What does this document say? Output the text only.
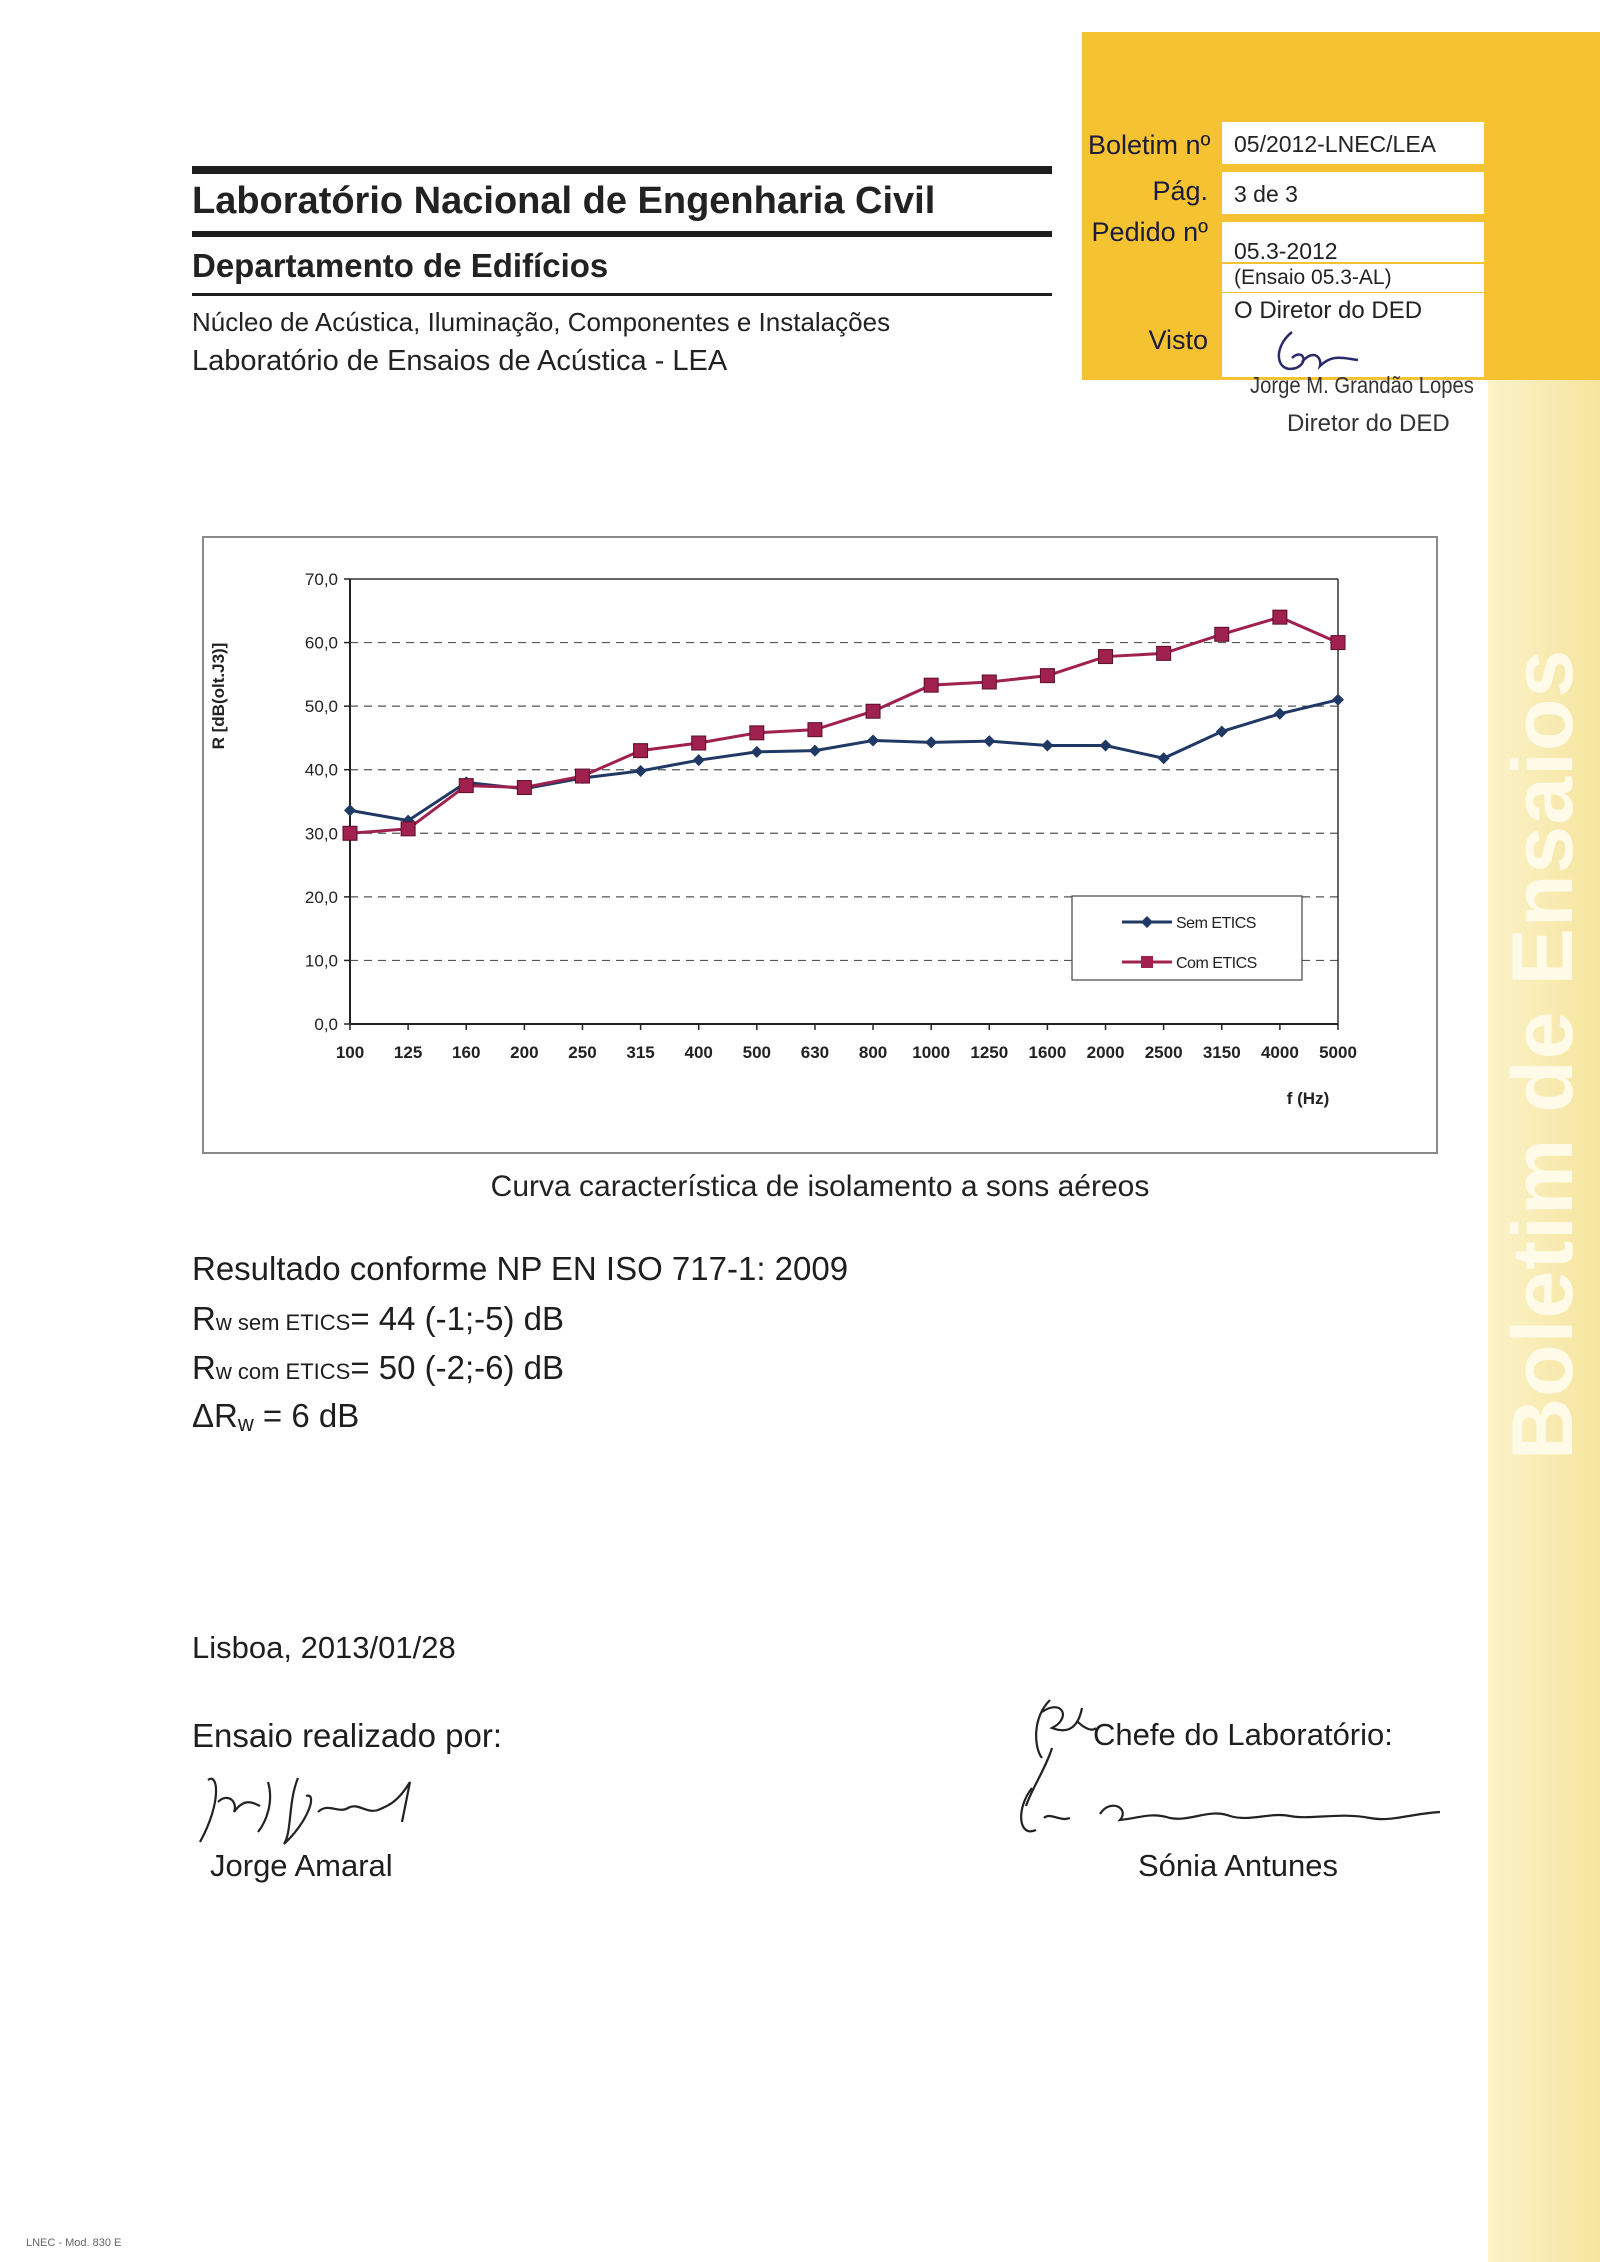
Boletim de Ensaios
Laboratório Nacional de Engenharia Civil
Departamento de Edifícios
Núcleo de Acústica, Iluminação, Componentes e Instalações
Laboratório de Ensaios de Acústica - LEA
Boletim nº	05/2012-LNEC/LEA
Pág.	3 de 3
Pedido nº
05.3-2012
(Ensaio 05.3-AL)
Visto
O Diretor do DED
Jorge M. Grandão Lopes
Diretor do DED
0,0
10,0
20,0
30,0
40,0
50,0
60,0
70,0
100 125 160 200 250 315 400 500 630 800 1000 1250 1600 2000 2500 3150 4000 5000
f (Hz)
R [dB(olt.J3)]
Sem ETICS
Com ETICS
Curva característica de isolamento a sons aéreos
Resultado conforme NP EN ISO 717-1: 2009
Rw sem ETICS= 44 (-1;-5) dB
Rw com ETICS= 50 (-2;-6) dB
ΔRw = 6 dB
Lisboa, 2013/01/28
Ensaio realizado por:
Jorge Amaral
Chefe do Laboratório:
Sónia Antunes
LNEC - Mod. 830 E
